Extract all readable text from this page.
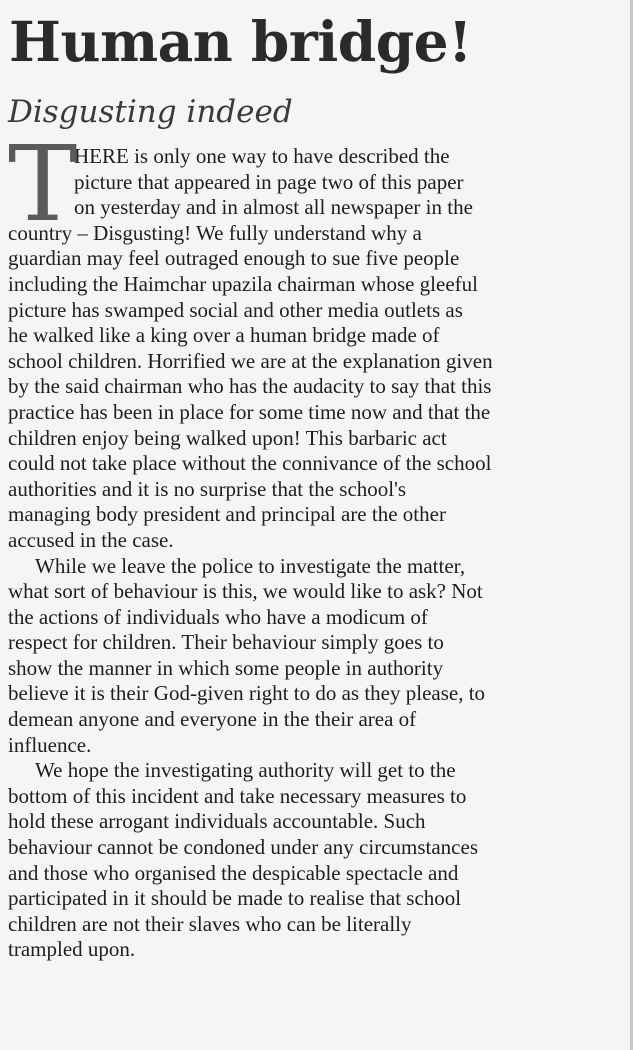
Human bridge!
Disgusting indeed
T
HERE is only one way to have described the
picture that appeared in page two of this paper
on yesterday and in almost all newspaper in the
country – Disgusting! We fully understand why a
guardian may feel outraged enough to sue five people
including the Haimchar upazila chairman whose gleeful
picture has swamped social and other media outlets as
he walked like a king over a human bridge made of
school children. Horrified we are at the explanation given
by the said chairman who has the audacity to say that this
practice has been in place for some time now and that the
children enjoy being walked upon! This barbaric act
could not take place without the connivance of the school
authorities and it is no surprise that the school's
managing body president and principal are the other
accused in the case.
While we leave the police to investigate the matter,
what sort of behaviour is this, we would like to ask? Not
the actions of individuals who have a modicum of
respect for children. Their behaviour simply goes to
show the manner in which some people in authority
believe it is their God-given right to do as they please, to
demean anyone and everyone in the their area of
influence.
We hope the investigating authority will get to the
bottom of this incident and take necessary measures to
hold these arrogant individuals accountable. Such
behaviour cannot be condoned under any circumstances
and those who organised the despicable spectacle and
participated in it should be made to realise that school
children are not their slaves who can be literally
trampled upon.
